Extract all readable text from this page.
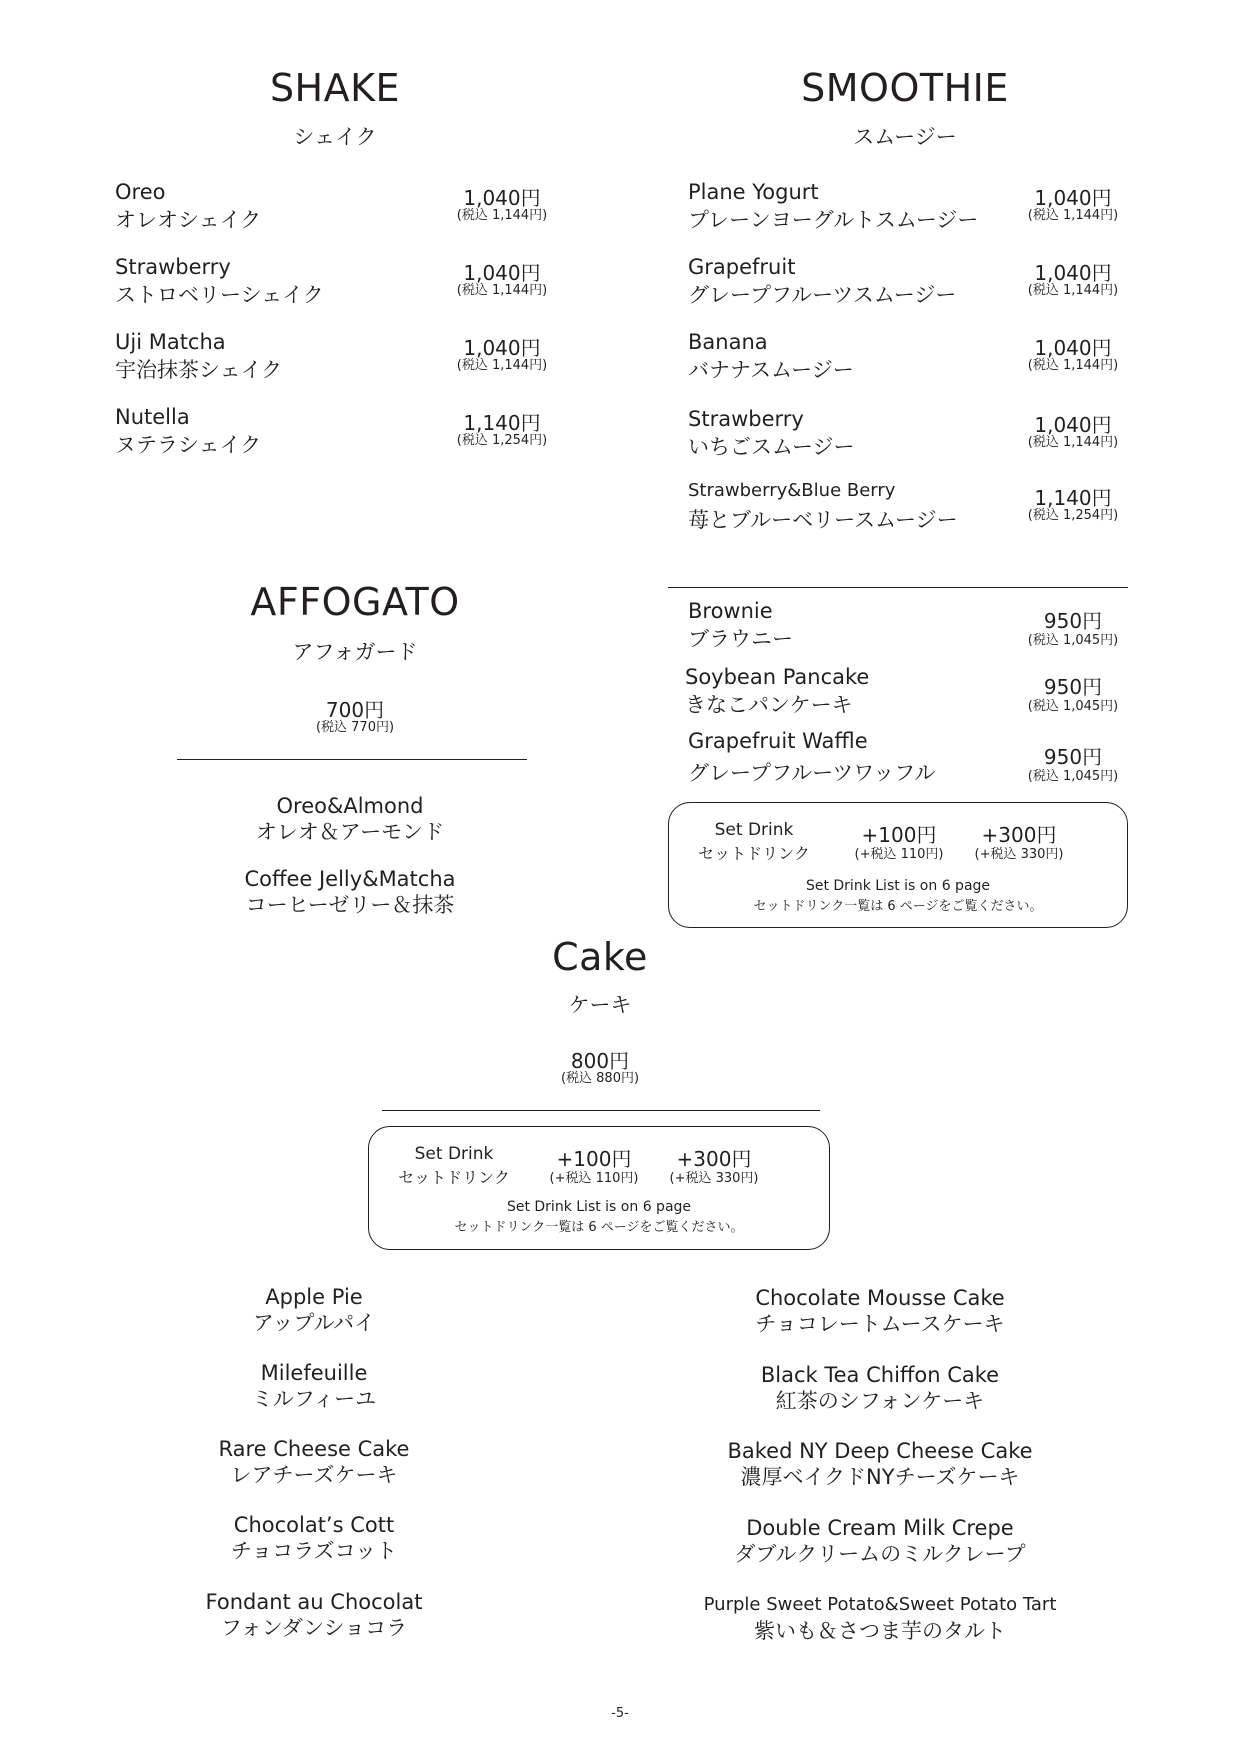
SHAKE
シェイク
Oreo
オレオシェイク
1,040円
(税込 1,144円)
Strawberry
ストロベリーシェイク
1,040円
(税込 1,144円)
Uji Matcha
宇治抹茶シェイク
1,040円
(税込 1,144円)
Nutella
ヌテラシェイク
1,140円
(税込 1,254円)
SMOOTHIE
スムージー
Plane Yogurt
プレーンヨーグルトスムージー
1,040円
(税込 1,144円)
Grapefruit
グレープフルーツスムージー
1,040円
(税込 1,144円)
Banana
バナナスムージー
1,040円
(税込 1,144円)
Strawberry
いちごスムージー
1,040円
(税込 1,144円)
Strawberry&Blue Berry
苺とブルーベリースムージー
1,140円
(税込 1,254円)
AFFOGATO
アフォガード
700円
(税込 770円)
Oreo&Almond
オレオ＆アーモンド
Coffee Jelly&Matcha
コーヒーゼリー＆抹茶
Brownie
ブラウニー
950円
(税込 1,045円)
Soybean Pancake
きなこパンケーキ
950円
(税込 1,045円)
Grapefruit Waffle
グレープフルーツワッフル
950円
(税込 1,045円)
Set Drink
セットドリンク
+100円
(+税込 110円)
+300円
(+税込 330円)
Set Drink List is on 6 page
セットドリンク一覧は 6 ページをご覧ください。
Cake
ケーキ
800円
(税込 880円)
Set Drink
セットドリンク
+100円
(+税込 110円)
+300円
(+税込 330円)
Set Drink List is on 6 page
セットドリンク一覧は 6 ページをご覧ください。
Apple Pie
アップルパイ
Milefeuille
ミルフィーユ
Rare Cheese Cake
レアチーズケーキ
Chocolat’s Cott
チョコラズコット
Fondant au Chocolat
フォンダンショコラ
Chocolate Mousse Cake
チョコレートムースケーキ
Black Tea Chiffon Cake
紅茶のシフォンケーキ
Baked NY Deep Cheese Cake
濃厚ベイクドNYチーズケーキ
Double Cream Milk Crepe
ダブルクリームのミルクレープ
Purple Sweet Potato&Sweet Potato Tart
紫いも＆さつま芋のタルト
-5-
